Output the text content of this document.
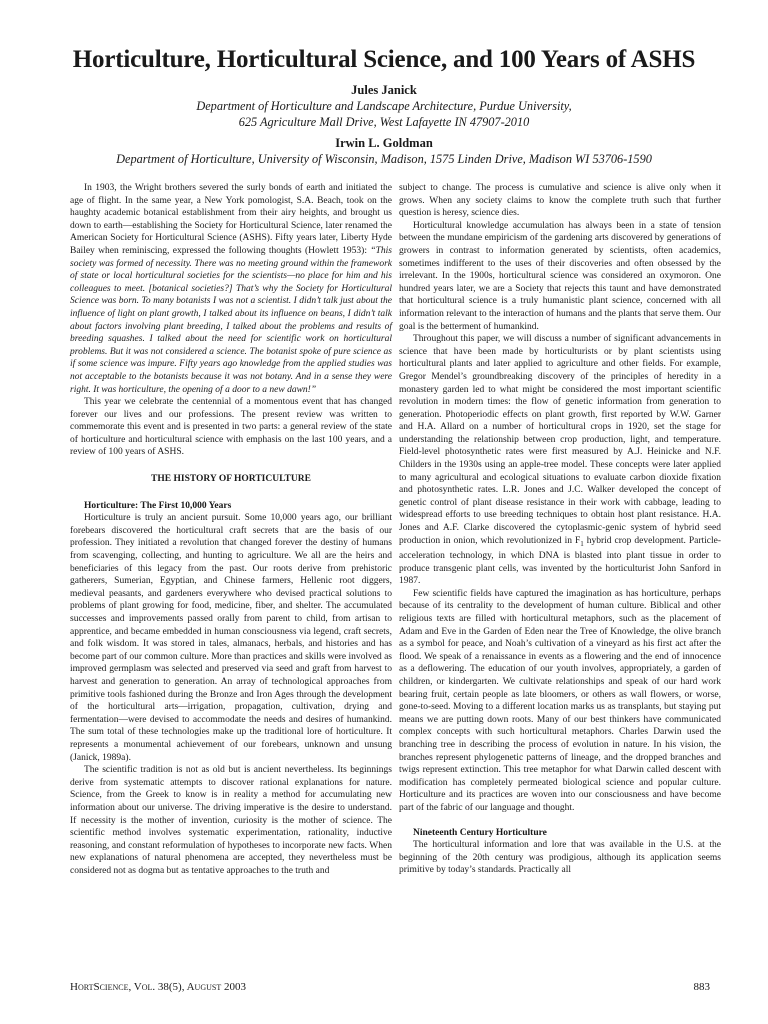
Horticulture, Horticultural Science, and 100 Years of ASHS
Jules Janick
Department of Horticulture and Landscape Architecture, Purdue University,
625 Agriculture Mall Drive, West Lafayette IN 47907-2010
Irwin L. Goldman
Department of Horticulture, University of Wisconsin, Madison, 1575 Linden Drive, Madison WI 53706-1590

In 1903, the Wright brothers severed the surly bonds of earth and initiated the age of flight. In the same year, a New York pomologist, S.A. Beach, took on the haughty academic botanical establishment from their airy heights, and brought us down to earth—establishing the Society for Horticultural Science, later renamed the American Society for Horticultural Science (ASHS). Fifty years later, Liberty Hyde Bailey when reminiscing, expressed the following thoughts (Howlett 1953): “This society was formed of necessity. There was no meeting ground within the framework of state or local horticultural societies for the scientists—no place for him and his colleagues to meet. [botanical societies?] That’s why the Society for Horticultural Science was born. To many botanists I was not a scientist. I didn’t talk just about the influence of light on plant growth, I talked about its influence on beans, I didn’t talk about factors involving plant breeding, I talked about the problems and results of breeding squashes. I talked about the need for scientific work on horticultural problems. But it was not considered a science. The botanist spoke of pure science as if some science was impure. Fifty years ago knowledge from the applied studies was not acceptable to the botanists because it was not botany. And in a sense they were right. It was horticulture, the opening of a door to a new dawn!”

This year we celebrate the centennial of a momentous event that has changed forever our lives and our professions. The present review was written to commemorate this event and is presented in two parts: a general review of the state of horticulture and horticultural science with emphasis on the last 100 years, and a review of 100 years of ASHS.

THE HISTORY OF HORTICULTURE

Horticulture: The First 10,000 Years

Horticulture is truly an ancient pursuit. Some 10,000 years ago, our brilliant forebears discovered the horticultural craft secrets that are the basis of our profession. They initiated a revolution that changed forever the destiny of humans from scavenging, collecting, and hunting to agriculture. We all are the heirs and beneficiaries of this legacy from the past. Our roots derive from prehistoric gatherers, Sumerian, Egyptian, and Chinese farmers, Hellenic root diggers, medieval peasants, and gardeners everywhere who devised practical solutions to problems of plant growing for food, medicine, fiber, and shelter. The accumulated successes and improvements passed orally from parent to child, from artisan to apprentice, and became embedded in human consciousness via legend, craft secrets, and folk wisdom. It was stored in tales, almanacs, herbals, and histories and has become part of our common culture. More than practices and skills were involved as improved germplasm was selected and preserved via seed and graft from harvest to harvest and generation to generation. An array of technological approaches from primitive tools fashioned during the Bronze and Iron Ages through the development of the horticultural arts—irrigation, propagation, cultivation, drying and fermentation—were devised to accommodate the needs and desires of humankind. The sum total of these technologies make up the traditional lore of horticulture. It represents a monumental achievement of our forebears, unknown and unsung (Janick, 1989a).

The scientific tradition is not as old but is ancient nevertheless. Its beginnings derive from systematic attempts to discover rational explanations for nature. Science, from the Greek to know is in reality a method for accumulating new information about our universe. The driving imperative is the desire to understand. If necessity is the mother of invention, curiosity is the mother of science. The scientific method involves systematic experimentation, rationality, inductive reasoning, and constant reformulation of hypotheses to incorporate new facts. When new explanations of natural phenomena are accepted, they nevertheless must be considered not as dogma but as tentative approaches to the truth and

subject to change. The process is cumulative and science is alive only when it grows. When any society claims to know the complete truth such that further question is heresy, science dies.

Horticultural knowledge accumulation has always been in a state of tension between the mundane empiricism of the gardening arts discovered by generations of growers in contrast to information generated by scientists, often academics, sometimes indifferent to the uses of their discoveries and often obsessed by the irrelevant. In the 1900s, horticultural science was considered an oxymoron. One hundred years later, we are a Society that rejects this taunt and have demonstrated that horticultural science is a truly humanistic plant science, concerned with all information relevant to the interaction of humans and the plants that serve them. Our goal is the betterment of humankind.

Throughout this paper, we will discuss a number of significant advancements in science that have been made by horticulturists or by plant scientists using horticultural plants and later applied to agriculture and other fields. For example, Gregor Mendel’s groundbreaking discovery of the principles of heredity in a monastery garden led to what might be considered the most important scientific revolution in modern times: the flow of genetic information from generation to generation. Photoperiodic effects on plant growth, first reported by W.W. Garner and H.A. Allard on a number of horticultural crops in 1920, set the stage for understanding the relationship between crop production, light, and temperature. Field-level photosynthetic rates were first measured by A.J. Heinicke and N.F. Childers in the 1930s using an apple-tree model. These concepts were later applied to many agricultural and ecological situations to evaluate carbon dioxide fixation and photosynthetic rates. L.R. Jones and J.C. Walker developed the concept of genetic control of plant disease resistance in their work with cabbage, leading to widespread efforts to use breeding techniques to obtain host plant resistance. H.A. Jones and A.F. Clarke discovered the cytoplasmic-genic system of hybrid seed production in onion, which revolutionized in $F_1$ hybrid crop development. Particle-acceleration technology, in which DNA is blasted into plant tissue in order to produce transgenic plant cells, was invented by the horticulturist John Sanford in 1987.

Few scientific fields have captured the imagination as has horticulture, perhaps because of its centrality to the development of human culture. Biblical and other religious texts are filled with horticultural metaphors, such as the placement of Adam and Eve in the Garden of Eden near the Tree of Knowledge, the olive branch as a symbol for peace, and Noah’s cultivation of a vineyard as his first act after the flood. We speak of a renaissance in events as a flowering and the end of innocence as a deflowering. The education of our youth involves, appropriately, a garden of children, or kindergarten. We cultivate relationships and speak of our hard work bearing fruit, certain people as late bloomers, or others as wall flowers, or worse, gone-to-seed. Moving to a different location marks us as transplants, but staying put means we are putting down roots. Many of our best thinkers have communicated complex concepts with such horticultural metaphors. Charles Darwin used the branching tree in describing the process of evolution in nature. In his vision, the branches represent phylogenetic patterns of lineage, and the dropped branches and twigs represent extinction. This tree metaphor for what Darwin called descent with modification has completely permeated biological science and popular culture. Horticulture and its practices are woven into our consciousness and have become part of the fabric of our language and thought.

Nineteenth Century Horticulture

The horticultural information and lore that was available in the U.S. at the beginning of the 20th century was prodigious, although its application seems primitive by today’s standards. Practically all

HortScience, Vol. 38(5), August 2003	883
